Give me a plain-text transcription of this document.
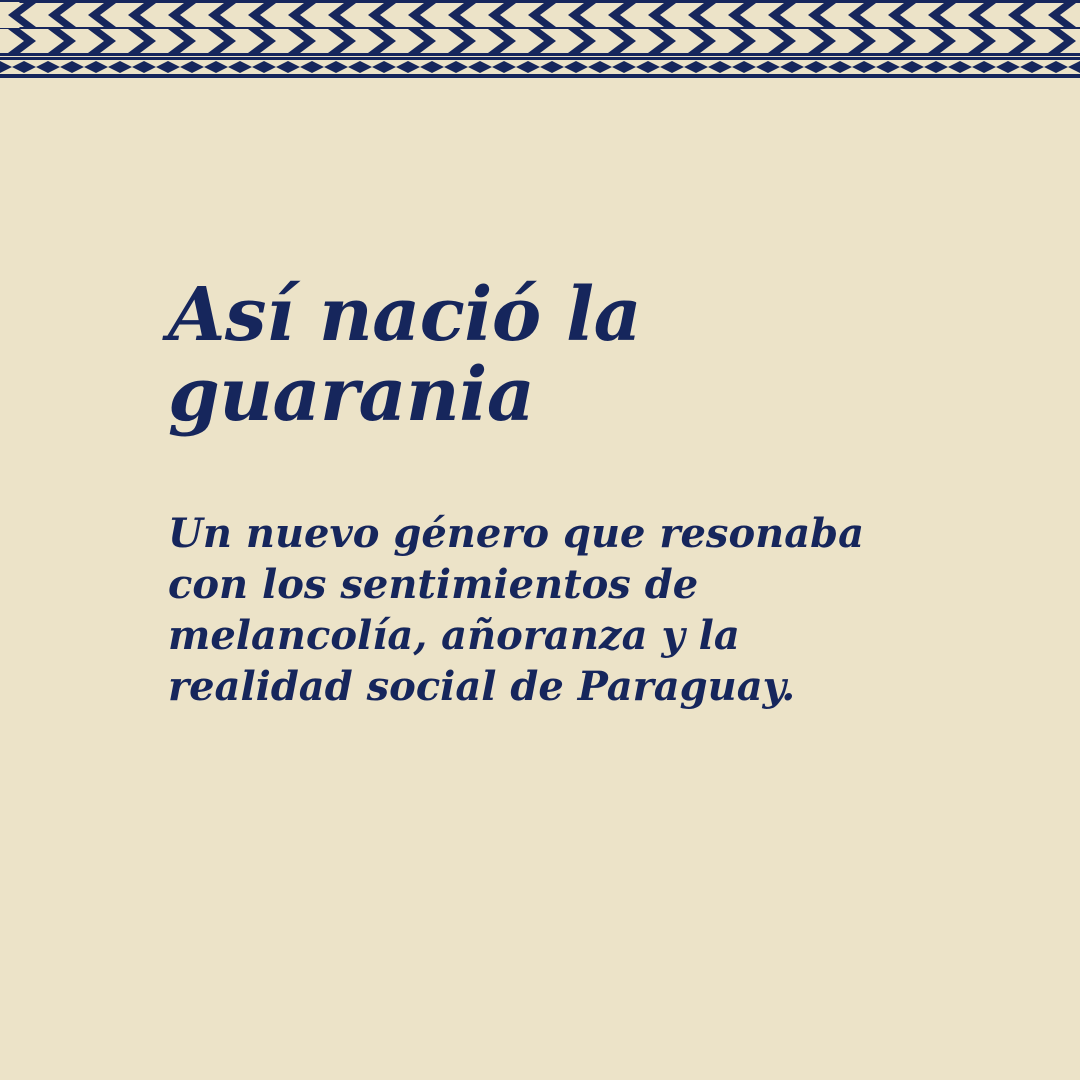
Así nació la guarania

Un nuevo género que resonaba con los sentimientos de melancolía, añoranza y la realidad social de Paraguay.
